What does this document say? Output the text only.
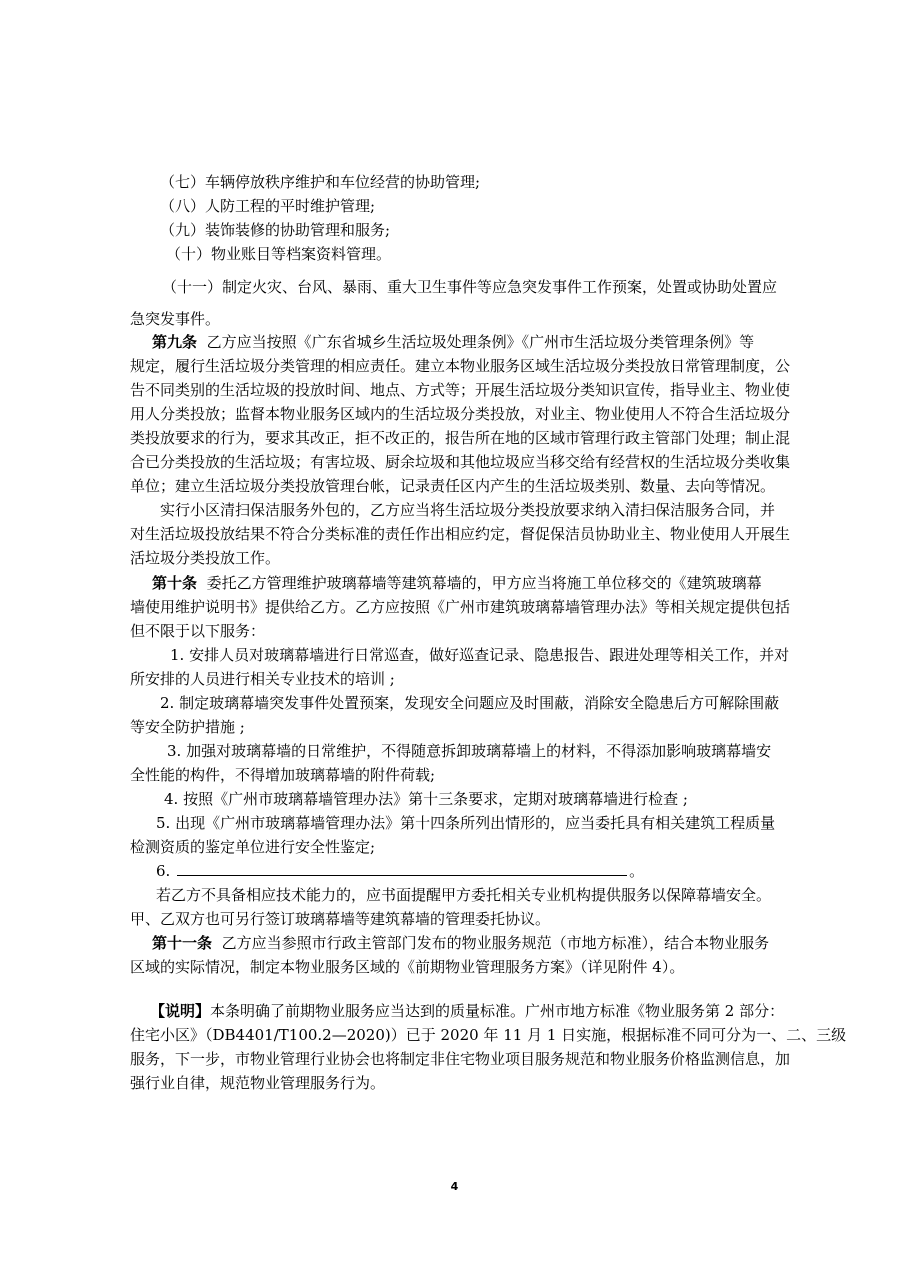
（七）车辆停放秩序维护和车位经营的协助管理;
（八）人防工程的平时维护管理;
（九）装饰装修的协助管理和服务;
（十）物业账目等档案资料管理。
（十一）制定火灾、台风、暴雨、重大卫生事件等应急突发事件工作预案，处置或协助处置应
急突发事件。
第九条 乙方应当按照《广东省城乡生活垃圾处理条例》《广州市生活垃圾分类管理条例》等
规定，履行生活垃圾分类管理的相应责任。建立本物业服务区域生活垃圾分类投放日常管理制度，公
告不同类别的生活垃圾的投放时间、地点、方式等；开展生活垃圾分类知识宣传，指导业主、物业使
用人分类投放；监督本物业服务区域内的生活垃圾分类投放，对业主、物业使用人不符合生活垃圾分
类投放要求的行为，要求其改正，拒不改正的，报告所在地的区域市管理行政主管部门处理；制止混
合已分类投放的生活垃圾；有害垃圾、厨余垃圾和其他垃圾应当移交给有经营权的生活垃圾分类收集
单位；建立生活垃圾分类投放管理台帐，记录责任区内产生的生活垃圾类别、数量、去向等情况。
实行小区清扫保洁服务外包的，乙方应当将生活垃圾分类投放要求纳入清扫保洁服务合同，并
对生活垃圾投放结果不符合分类标准的责任作出相应约定，督促保洁员协助业主、物业使用人开展生
活垃圾分类投放工作。
第十条 委托乙方管理维护玻璃幕墙等建筑幕墙的，甲方应当将施工单位移交的《建筑玻璃幕
墙使用维护说明书》提供给乙方。乙方应按照《广州市建筑玻璃幕墙管理办法》等相关规定提供包括
但不限于以下服务：
1. 安排人员对玻璃幕墙进行日常巡查，做好巡查记录、隐患报告、跟进处理等相关工作，并对
所安排的人员进行相关专业技术的培训 ;
2. 制定玻璃幕墙突发事件处置预案，发现安全问题应及时围蔽，消除安全隐患后方可解除围蔽
等安全防护措施 ;
3. 加强对玻璃幕墙的日常维护，不得随意拆卸玻璃幕墙上的材料，不得添加影响玻璃幕墙安
全性能的构件，不得增加玻璃幕墙的附件荷载;
4. 按照《广州市玻璃幕墙管理办法》第十三条要求，定期对玻璃幕墙进行检查 ;
5. 出现《广州市玻璃幕墙管理办法》第十四条所列出情形的，应当委托具有相关建筑工程质量
检测资质的鉴定单位进行安全性鉴定;
6.	。
若乙方不具备相应技术能力的，应书面提醒甲方委托相关专业机构提供服务以保障幕墙安全。
甲、乙双方也可另行签订玻璃幕墙等建筑幕墙的管理委托协议。
第十一条 乙方应当参照市行政主管部门发布的物业服务规范（市地方标准），结合本物业服务
区域的实际情况，制定本物业服务区域的《前期物业管理服务方案》（详见附件 4）。
【说明】本条明确了前期物业服务应当达到的质量标准。广州市地方标准《物业服务第 2 部分：
住宅小区》（DB4401/T100.2—2020)）已于 2020 年 11 月 1 日实施，根据标准不同可分为一、二、三级
服务，下一步，市物业管理行业协会也将制定非住宅物业项目服务规范和物业服务价格监测信息，加
强行业自律，规范物业管理服务行为。
4
